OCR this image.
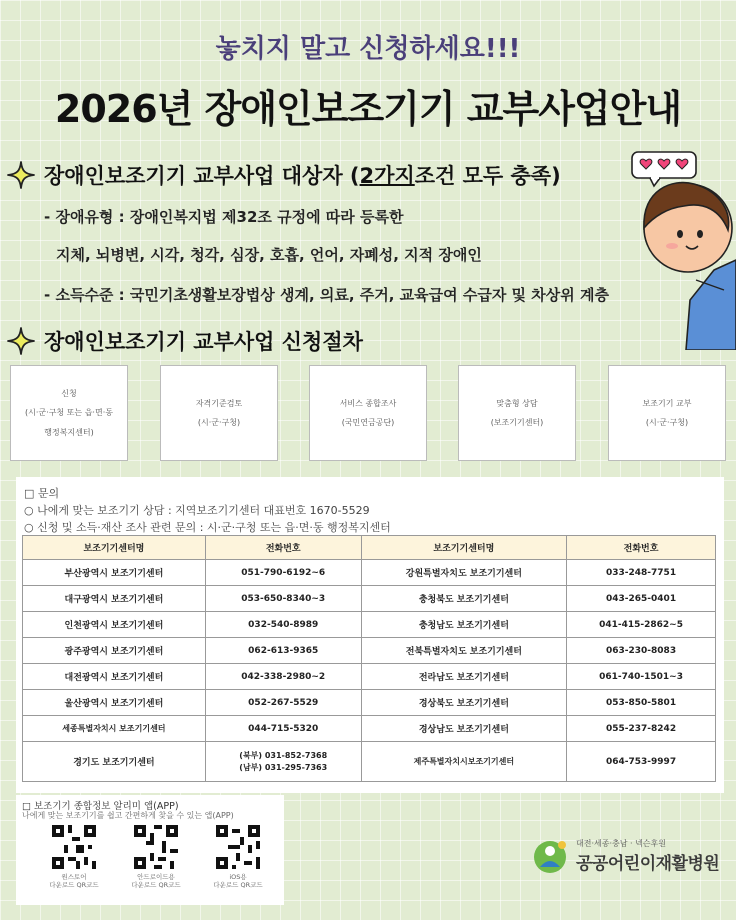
놓치지 말고 신청하세요!!!
2026년 장애인보조기기 교부사업안내
장애인보조기기 교부사업 대상자 ( 2가지 조건 모두 충족)
- 장애유형 : 장애인복지법 제32조 규정에 따라 등록한
지체, 뇌병변, 시각, 청각, 심장, 호흡, 언어, 자폐성, 지적 장애인
- 소득수준 : 국민기초생활보장법상 생계, 의료, 주거, 교육급여 수급자 및 차상위 계층
장애인보조기기 교부사업 신청절차
신청
(시·군·구청 또는 읍·면·동
행정복지센터)
자격기준검토
(시·군·구청)
서비스 종합조사
(국민연금공단)
맞춤형 상담
(보조기기센터)
보조기기 교부
(시·군·구청)
□ 문의
○ 나에게 맞는 보조기기 상담 : 지역보조기기센터 대표번호 1670-5529
○ 신청 및 소득·재산 조사 관련 문의 : 시·군·구청 또는 읍·면·동 행정복지센터
보조기기센터명	전화번호	보조기기센터명	전화번호
부산광역시 보조기기센터	051-790-6192~6	강원특별자치도 보조기기센터	033-248-7751
대구광역시 보조기기센터	053-650-8340~3	충청북도 보조기기센터	043-265-0401
인천광역시 보조기기센터	032-540-8989	충청남도 보조기기센터	041-415-2862~5
광주광역시 보조기기센터	062-613-9365	전북특별자치도 보조기기센터	063-230-8083
대전광역시 보조기기센터	042-338-2980~2	전라남도 보조기기센터	061-740-1501~3
울산광역시 보조기기센터	052-267-5529	경상북도 보조기기센터	053-850-5801
세종특별자치시 보조기기센터	044-715-5320	경상남도 보조기기센터	055-237-8242
경기도 보조기기센터	(북부) 031-852-7368
(남부) 031-295-7363	제주특별자치시보조기기센터	064-753-9997
□ 보조기기 종합정보 알리미 앱(APP)
나에게 맞는 보조기기를 쉽고 간편하게 찾을 수 있는 앱(APP)
원스토어
다운로드 QR코드
안드로이드용
다운로드 QR코드
iOS용
다운로드 QR코드
대전·세종·충남 · 넥슨후원
공공어린이재활병원
